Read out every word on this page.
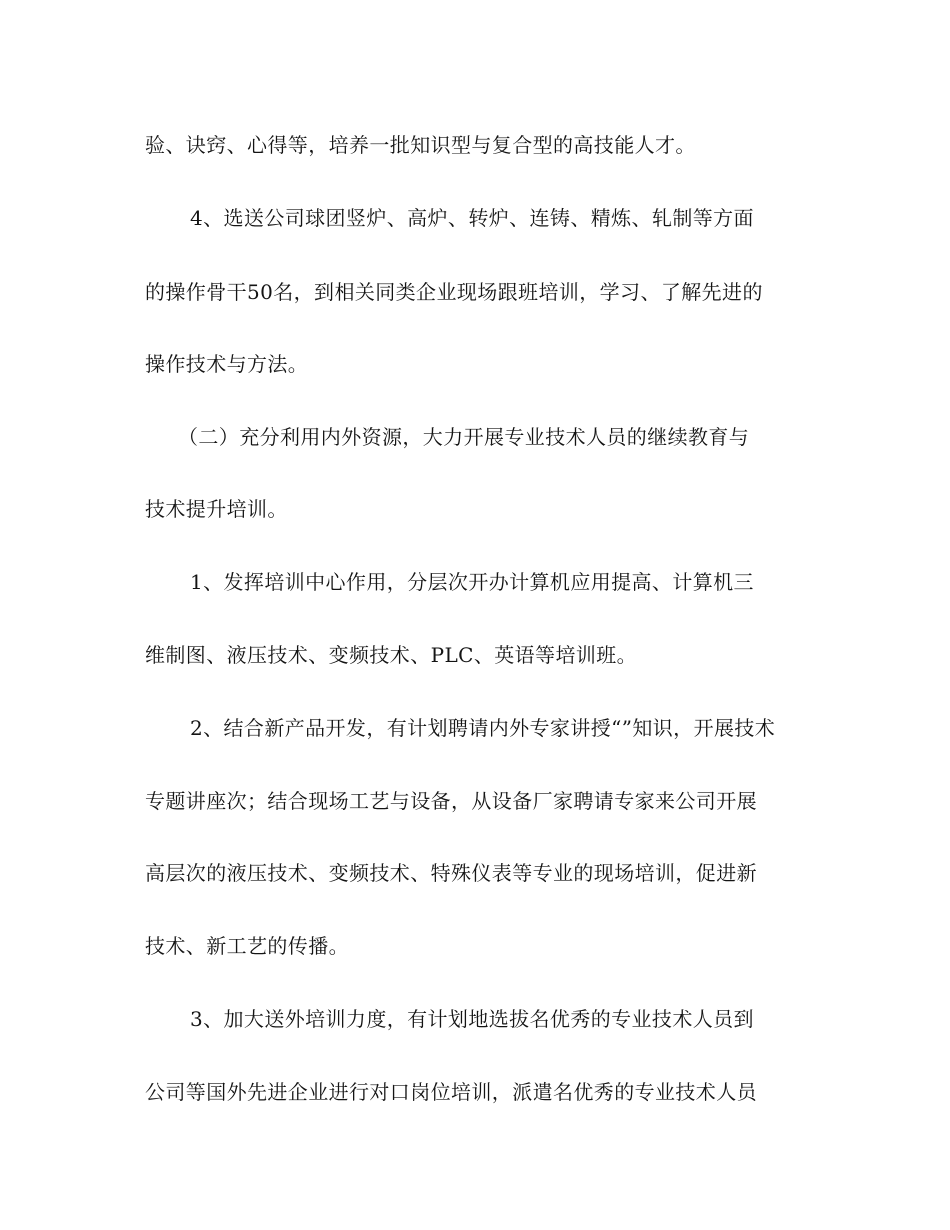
验、诀窍、心得等，培养一批知识型与复合型的高技能人才。

4、选送公司球团竖炉、高炉、转炉、连铸、精炼、轧制等方面

的操作骨干50名，到相关同类企业现场跟班培训，学习、了解先进的

操作技术与方法。

（二）充分利用内外资源，大力开展专业技术人员的继续教育与

技术提升培训。

1、发挥培训中心作用，分层次开办计算机应用提高、计算机三

维制图、液压技术、变频技术、PLC、英语等培训班。

2、结合新产品开发，有计划聘请内外专家讲授“”知识，开展技术

专题讲座次；结合现场工艺与设备，从设备厂家聘请专家来公司开展

高层次的液压技术、变频技术、特殊仪表等专业的现场培训，促进新

技术、新工艺的传播。

3、加大送外培训力度，有计划地选拔名优秀的专业技术人员到

公司等国外先进企业进行对口岗位培训，派遣名优秀的专业技术人员
